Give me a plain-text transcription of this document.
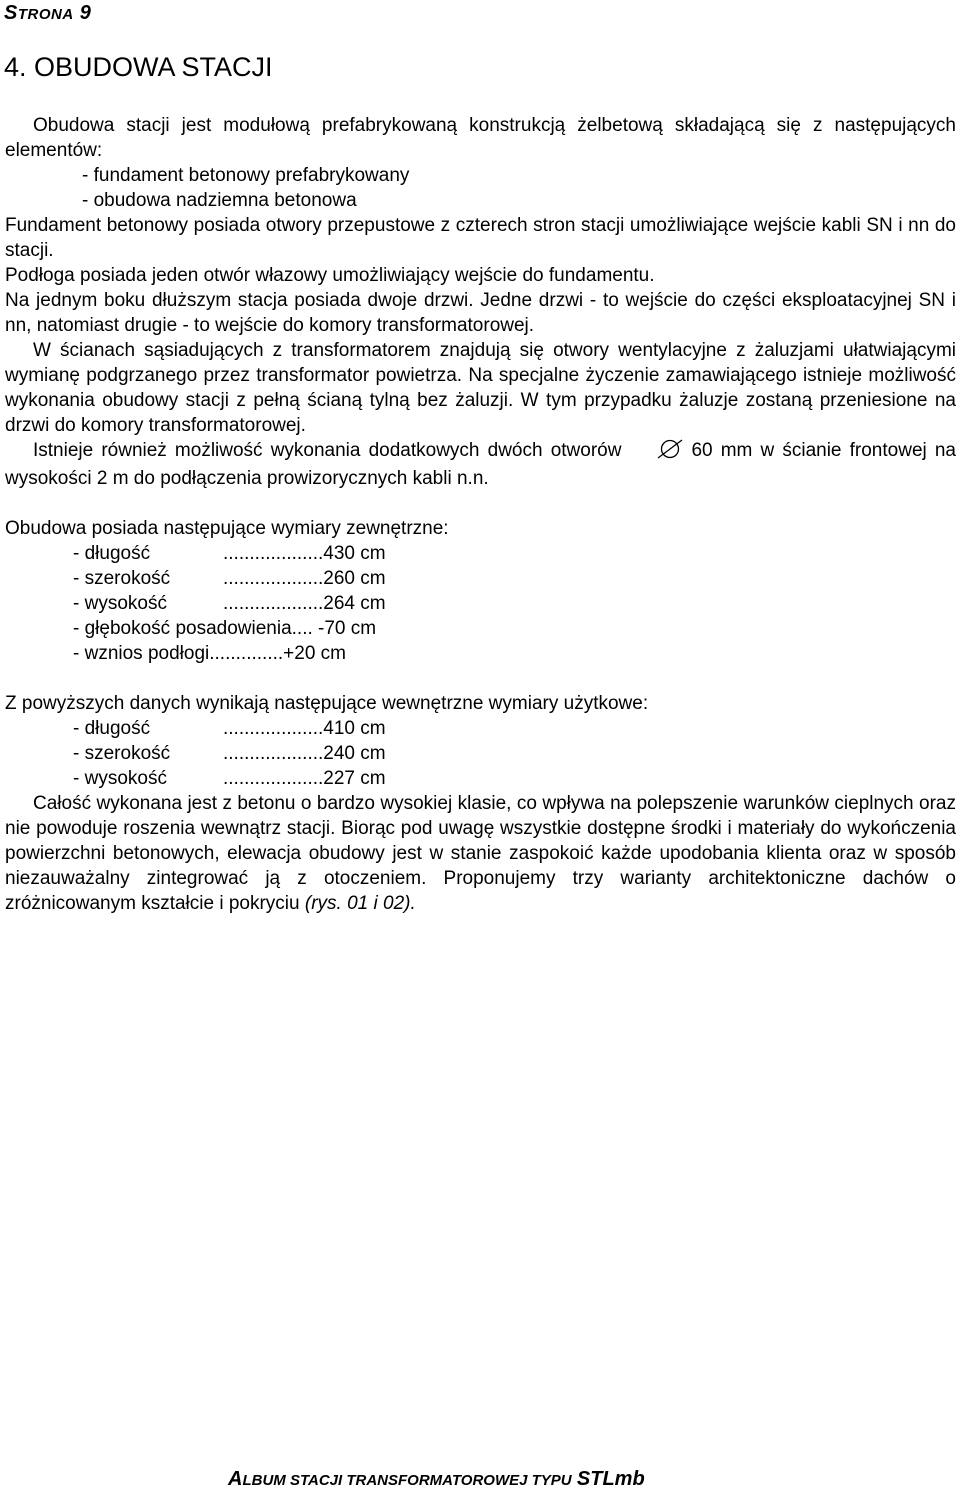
STRONA 9
4. OBUDOWA STACJI

Obudowa stacji jest modułową prefabrykowaną konstrukcją żelbetową składającą się z następujących elementów:

- fundament betonowy prefabrykowany

- obudowa nadziemna betonowa

Fundament betonowy posiada otwory przepustowe z czterech stron stacji umożliwiające wejście kabli SN i nn do stacji.

Podłoga posiada jeden otwór włazowy umożliwiający wejście do fundamentu.

Na jednym boku dłuższym stacja posiada dwoje drzwi. Jedne drzwi - to wejście do części eksploatacyjnej SN i nn, natomiast drugie - to wejście do komory transformatorowej.

W ścianach sąsiadujących z transformatorem znajdują się otwory wentylacyjne z żaluzjami ułatwiającymi wymianę podgrzanego przez transformator powietrza. Na specjalne życzenie zamawiającego istnieje możliwość wykonania obudowy stacji z pełną ścianą tylną bez żaluzji. W tym przypadku żaluzje zostaną przeniesione na drzwi do komory transformatorowej.

Istnieje również możliwość wykonania dodatkowych dwóch otworów	60 mm w ścianie frontowej na wysokości 2 m do podłączenia prowizorycznych kabli n.n.

Obudowa posiada następujące wymiary zewnętrzne:

- długość	...................430 cm
- szerokość	...................260 cm
- wysokość	...................264 cm
- głębokość posadowienia .... -70 cm
- wznios podłogi ..............+20 cm

Z powyższych danych wynikają następujące wewnętrzne wymiary użytkowe:

- długość	...................410 cm
- szerokość	...................240 cm
- wysokość	...................227 cm

Całość wykonana jest z betonu o bardzo wysokiej klasie, co wpływa na polepszenie warunków cieplnych oraz nie powoduje roszenia wewnątrz stacji. Biorąc pod uwagę wszystkie dostępne środki i materiały do wykończenia powierzchni betonowych, elewacja obudowy jest w stanie zaspokoić każde upodobania klienta oraz w sposób niezauważalny zintegrować ją z otoczeniem. Proponujemy trzy warianty architektoniczne dachów o zróżnicowanym kształcie i pokryciu (rys. 01 i 02).

ALBUM STACJI TRANSFORMATOROWEJ TYPU STLmb
